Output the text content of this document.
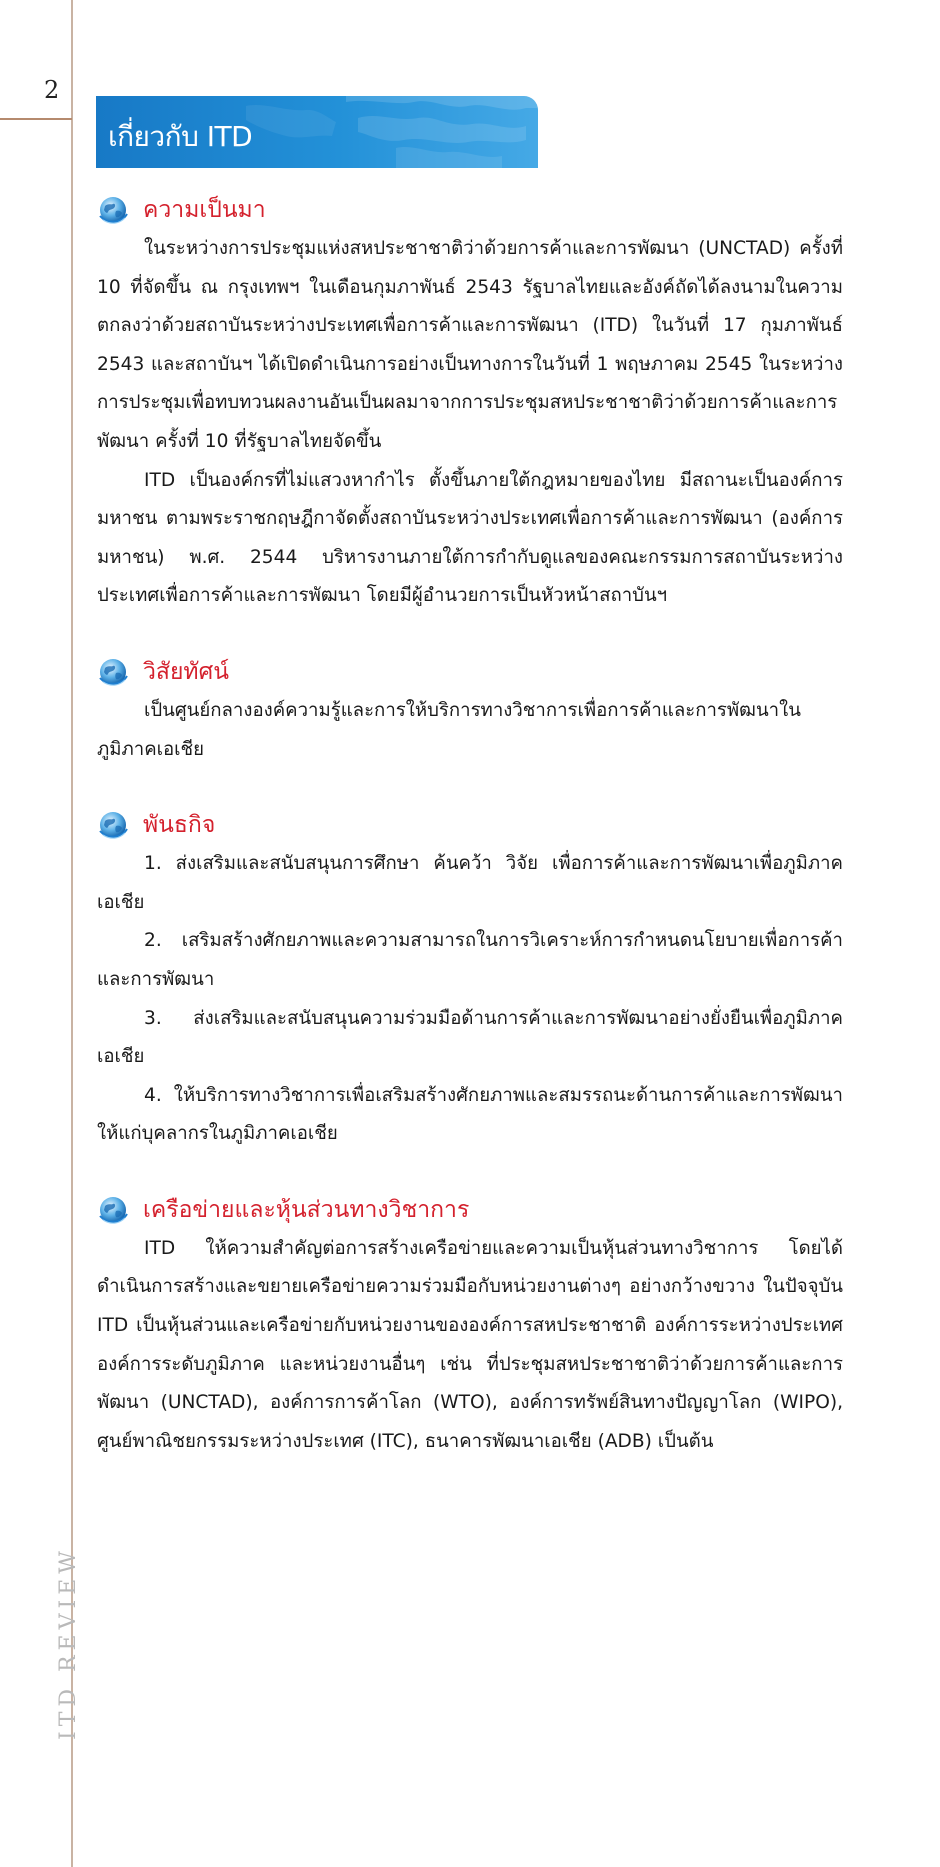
2
ITD REVIEW
เกี่ยวกับ ITD
ความเป็นมา

ในระหว่างการประชุมแห่งสหประชาชาติว่าด้วยการค้าและการพัฒนา (UNCTAD) ครั้งที่ 10 ที่จัดขึ้น ณ กรุงเทพฯ ในเดือนกุมภาพันธ์ 2543 รัฐบาลไทยและอังค์ถัดได้ลงนามในความตกลงว่าด้วยสถาบันระหว่างประเทศเพื่อการค้าและการพัฒนา (ITD) ในวันที่ 17 กุมภาพันธ์ 2543 และสถาบันฯ ได้เปิดดำเนินการอย่างเป็นทางการในวันที่ 1 พฤษภาคม 2545 ในระหว่างการประชุมเพื่อทบทวนผลงานอันเป็นผลมาจากการประชุมสหประชาชาติว่าด้วยการค้าและการพัฒนา ครั้งที่ 10 ที่รัฐบาลไทยจัดขึ้น

ITD เป็นองค์กรที่ไม่แสวงหากำไร ตั้งขึ้นภายใต้กฎหมายของไทย มีสถานะเป็นองค์การมหาชน ตามพระราชกฤษฎีกาจัดตั้งสถาบันระหว่างประเทศเพื่อการค้าและการพัฒนา (องค์การมหาชน) พ.ศ. 2544 บริหารงานภายใต้การกำกับดูแลของคณะกรรมการสถาบันระหว่างประเทศเพื่อการค้าและการพัฒนา โดยมีผู้อำนวยการเป็นหัวหน้าสถาบันฯ

วิสัยทัศน์

เป็นศูนย์กลางองค์ความรู้และการให้บริการทางวิชาการเพื่อการค้าและการพัฒนาในภูมิภาคเอเชีย

พันธกิจ

1. ส่งเสริมและสนับสนุนการศึกษา ค้นคว้า วิจัย เพื่อการค้าและการพัฒนาเพื่อภูมิภาคเอเชีย

2. เสริมสร้างศักยภาพและความสามารถในการวิเคราะห์การกำหนดนโยบายเพื่อการค้าและการพัฒนา

3. ส่งเสริมและสนับสนุนความร่วมมือด้านการค้าและการพัฒนาอย่างยั่งยืนเพื่อภูมิภาคเอเชีย

4. ให้บริการทางวิชาการเพื่อเสริมสร้างศักยภาพและสมรรถนะด้านการค้าและการพัฒนาให้แก่บุคลากรในภูมิภาคเอเชีย

เครือข่ายและหุ้นส่วนทางวิชาการ

ITD ให้ความสำคัญต่อการสร้างเครือข่ายและความเป็นหุ้นส่วนทางวิชาการ โดยได้ดำเนินการสร้างและขยายเครือข่ายความร่วมมือกับหน่วยงานต่างๆ อย่างกว้างขวาง ในปัจจุบัน ITD เป็นหุ้นส่วนและเครือข่ายกับหน่วยงานขององค์การสหประชาชาติ องค์การระหว่างประเทศ องค์การระดับภูมิภาค และหน่วยงานอื่นๆ เช่น ที่ประชุมสหประชาชาติว่าด้วยการค้าและการพัฒนา (UNCTAD), องค์การการค้าโลก (WTO), องค์การทรัพย์สินทางปัญญาโลก (WIPO), ศูนย์พาณิชยกรรมระหว่างประเทศ (ITC), ธนาคารพัฒนาเอเชีย (ADB) เป็นต้น
